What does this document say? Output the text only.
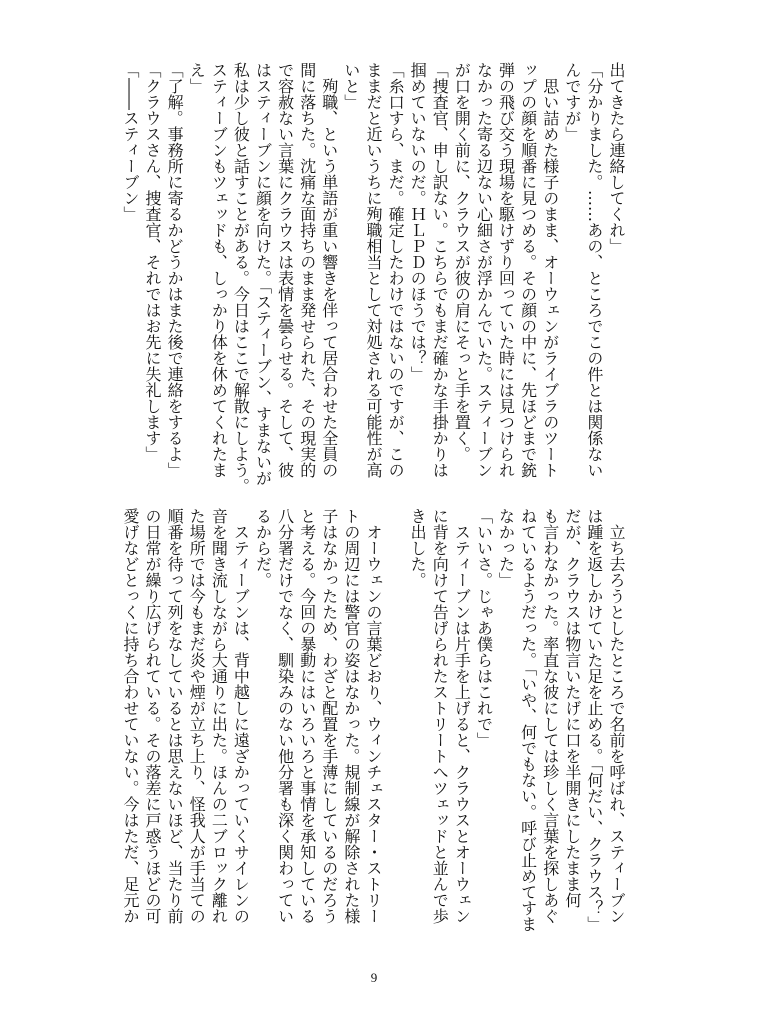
出てきたら連絡してくれ」
「分かりました。……あの、ところでこの件とは関係ない
んですが」
　思い詰めた様子のまま、オーウェンがライブラのツート
ップの顔を順番に見つめる。その顔の中に、先ほどまで銃
弾の飛び交う現場を駆けずり回っていた時には見つけられ
なかった寄る辺ない心細さが浮かんでいた。スティーブン
が口を開く前に、クラウスが彼の肩にそっと手を置く。
「捜査官、申し訳ない。こちらでもまだ確かな手掛かりは
掴めていないのだ。ＨＬＰＤのほうでは？」
「糸口すら、まだ。確定したわけではないのですが、この
ままだと近いうちに殉職相当として対処される可能性が高
いと」
　殉職、という単語が重い響きを伴って居合わせた全員の
間に落ちた。沈痛な面持ちのまま発せられた、その現実的
で容赦ない言葉にクラウスは表情を曇らせる。そして、彼
はスティーブンに顔を向けた。「スティーブン、すまないが
私は少し彼と話すことがある。今日はここで解散にしよう。
スティーブンもツェッドも、しっかり体を休めてくれたま
え」
「了解。事務所に寄るかどうかはまた後で連絡をするよ」
「クラウスさん、捜査官、それではお先に失礼します」
「――スティーブン」
　立ち去ろうとしたところで名前を呼ばれ、スティーブン
は踵を返しかけていた足を止める。「何だい、クラウス？」
だが、クラウスは物言いたげに口を半開きにしたまま何
も言わなかった。率直な彼にしては珍しく言葉を探しあぐ
ねているようだった。「いや、何でもない。呼び止めてすま
なかった」
「いいさ。じゃあ僕らはこれで」
　スティーブンは片手を上げると、クラウスとオーウェン
に背を向けて告げられたストリートへツェッドと並んで歩
き出した。
　オーウェンの言葉どおり、ウィンチェスター・ストリー
トの周辺には警官の姿はなかった。規制線が解除された様
子はなかったため、わざと配置を手薄にしているのだろう
と考える。今回の暴動にはいろいろと事情を承知している
八分署だけでなく、馴染みのない他分署も深く関わってい
るからだ。
　スティーブンは、背中越しに遠ざかっていくサイレンの
音を聞き流しながら大通りに出た。ほんの二ブロック離れ
た場所では今もまだ炎や煙が立ち上り、怪我人が手当ての
順番を待って列をなしているとは思えないほど、当たり前
の日常が繰り広げられている。その落差に戸惑うほどの可
愛げなどとっくに持ち合わせていない。今はただ、足元か
9
